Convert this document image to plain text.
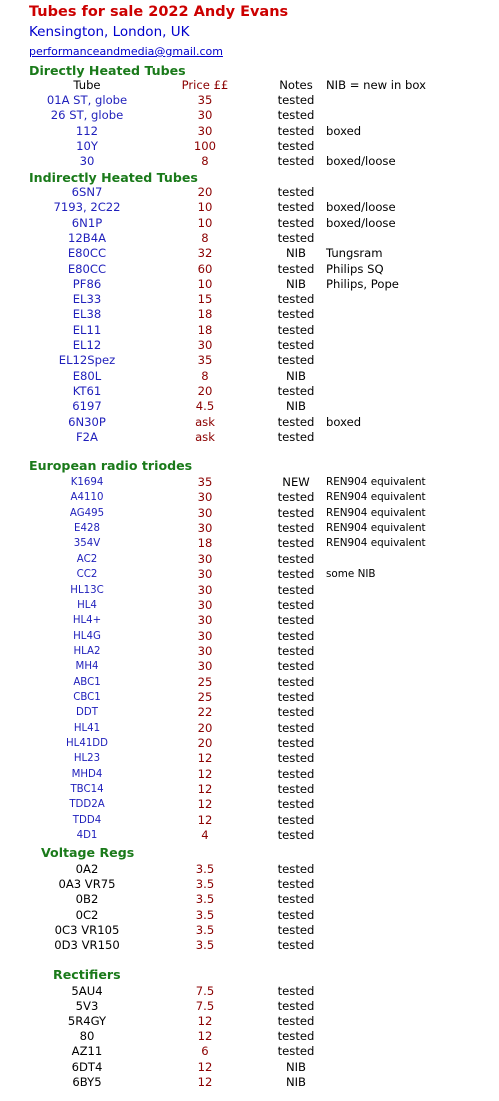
Tubes for sale 2022 Andy Evans
Kensington, London, UK
performanceandmedia@gmail.com
Directly Heated Tubes
Tube	Price ££	Notes	NIB = new in box
01A ST, globe	35	tested
26 ST, globe	30	tested
112	30	tested	boxed
10Y	100	tested
30	8	tested	boxed/loose
Indirectly Heated Tubes
6SN7	20	tested
7193, 2C22	10	tested	boxed/loose
6N1P	10	tested	boxed/loose
12B4A	8	tested
E80CC	32	NIB	Tungsram
E80CC	60	tested	Philips SQ
PF86	10	NIB	Philips, Pope
EL33	15	tested
EL38	18	tested
EL11	18	tested
EL12	30	tested
EL12Spez	35	tested
E80L	8	NIB
KT61	20	tested
6197	4.5	NIB
6N30P	ask	tested	boxed
F2A	ask	tested
European radio triodes
K1694	35	NEW	REN904 equivalent
A4110	30	tested	REN904 equivalent
AG495	30	tested	REN904 equivalent
E428	30	tested	REN904 equivalent
354V	18	tested	REN904 equivalent
AC2	30	tested
CC2	30	tested	some NIB
HL13C	30	tested
HL4	30	tested
HL4+	30	tested
HL4G	30	tested
HLA2	30	tested
MH4	30	tested
ABC1	25	tested
CBC1	25	tested
DDT	22	tested
HL41	20	tested
HL41DD	20	tested
HL23	12	tested
MHD4	12	tested
TBC14	12	tested
TDD2A	12	tested
TDD4	12	tested
4D1	4	tested
Voltage Regs
0A2	3.5	tested
0A3 VR75	3.5	tested
0B2	3.5	tested
0C2	3.5	tested
0C3 VR105	3.5	tested
0D3 VR150	3.5	tested
Rectifiers
5AU4	7.5	tested
5V3	7.5	tested
5R4GY	12	tested
80	12	tested
AZ11	6	tested
6DT4	12	NIB
6BY5	12	NIB
